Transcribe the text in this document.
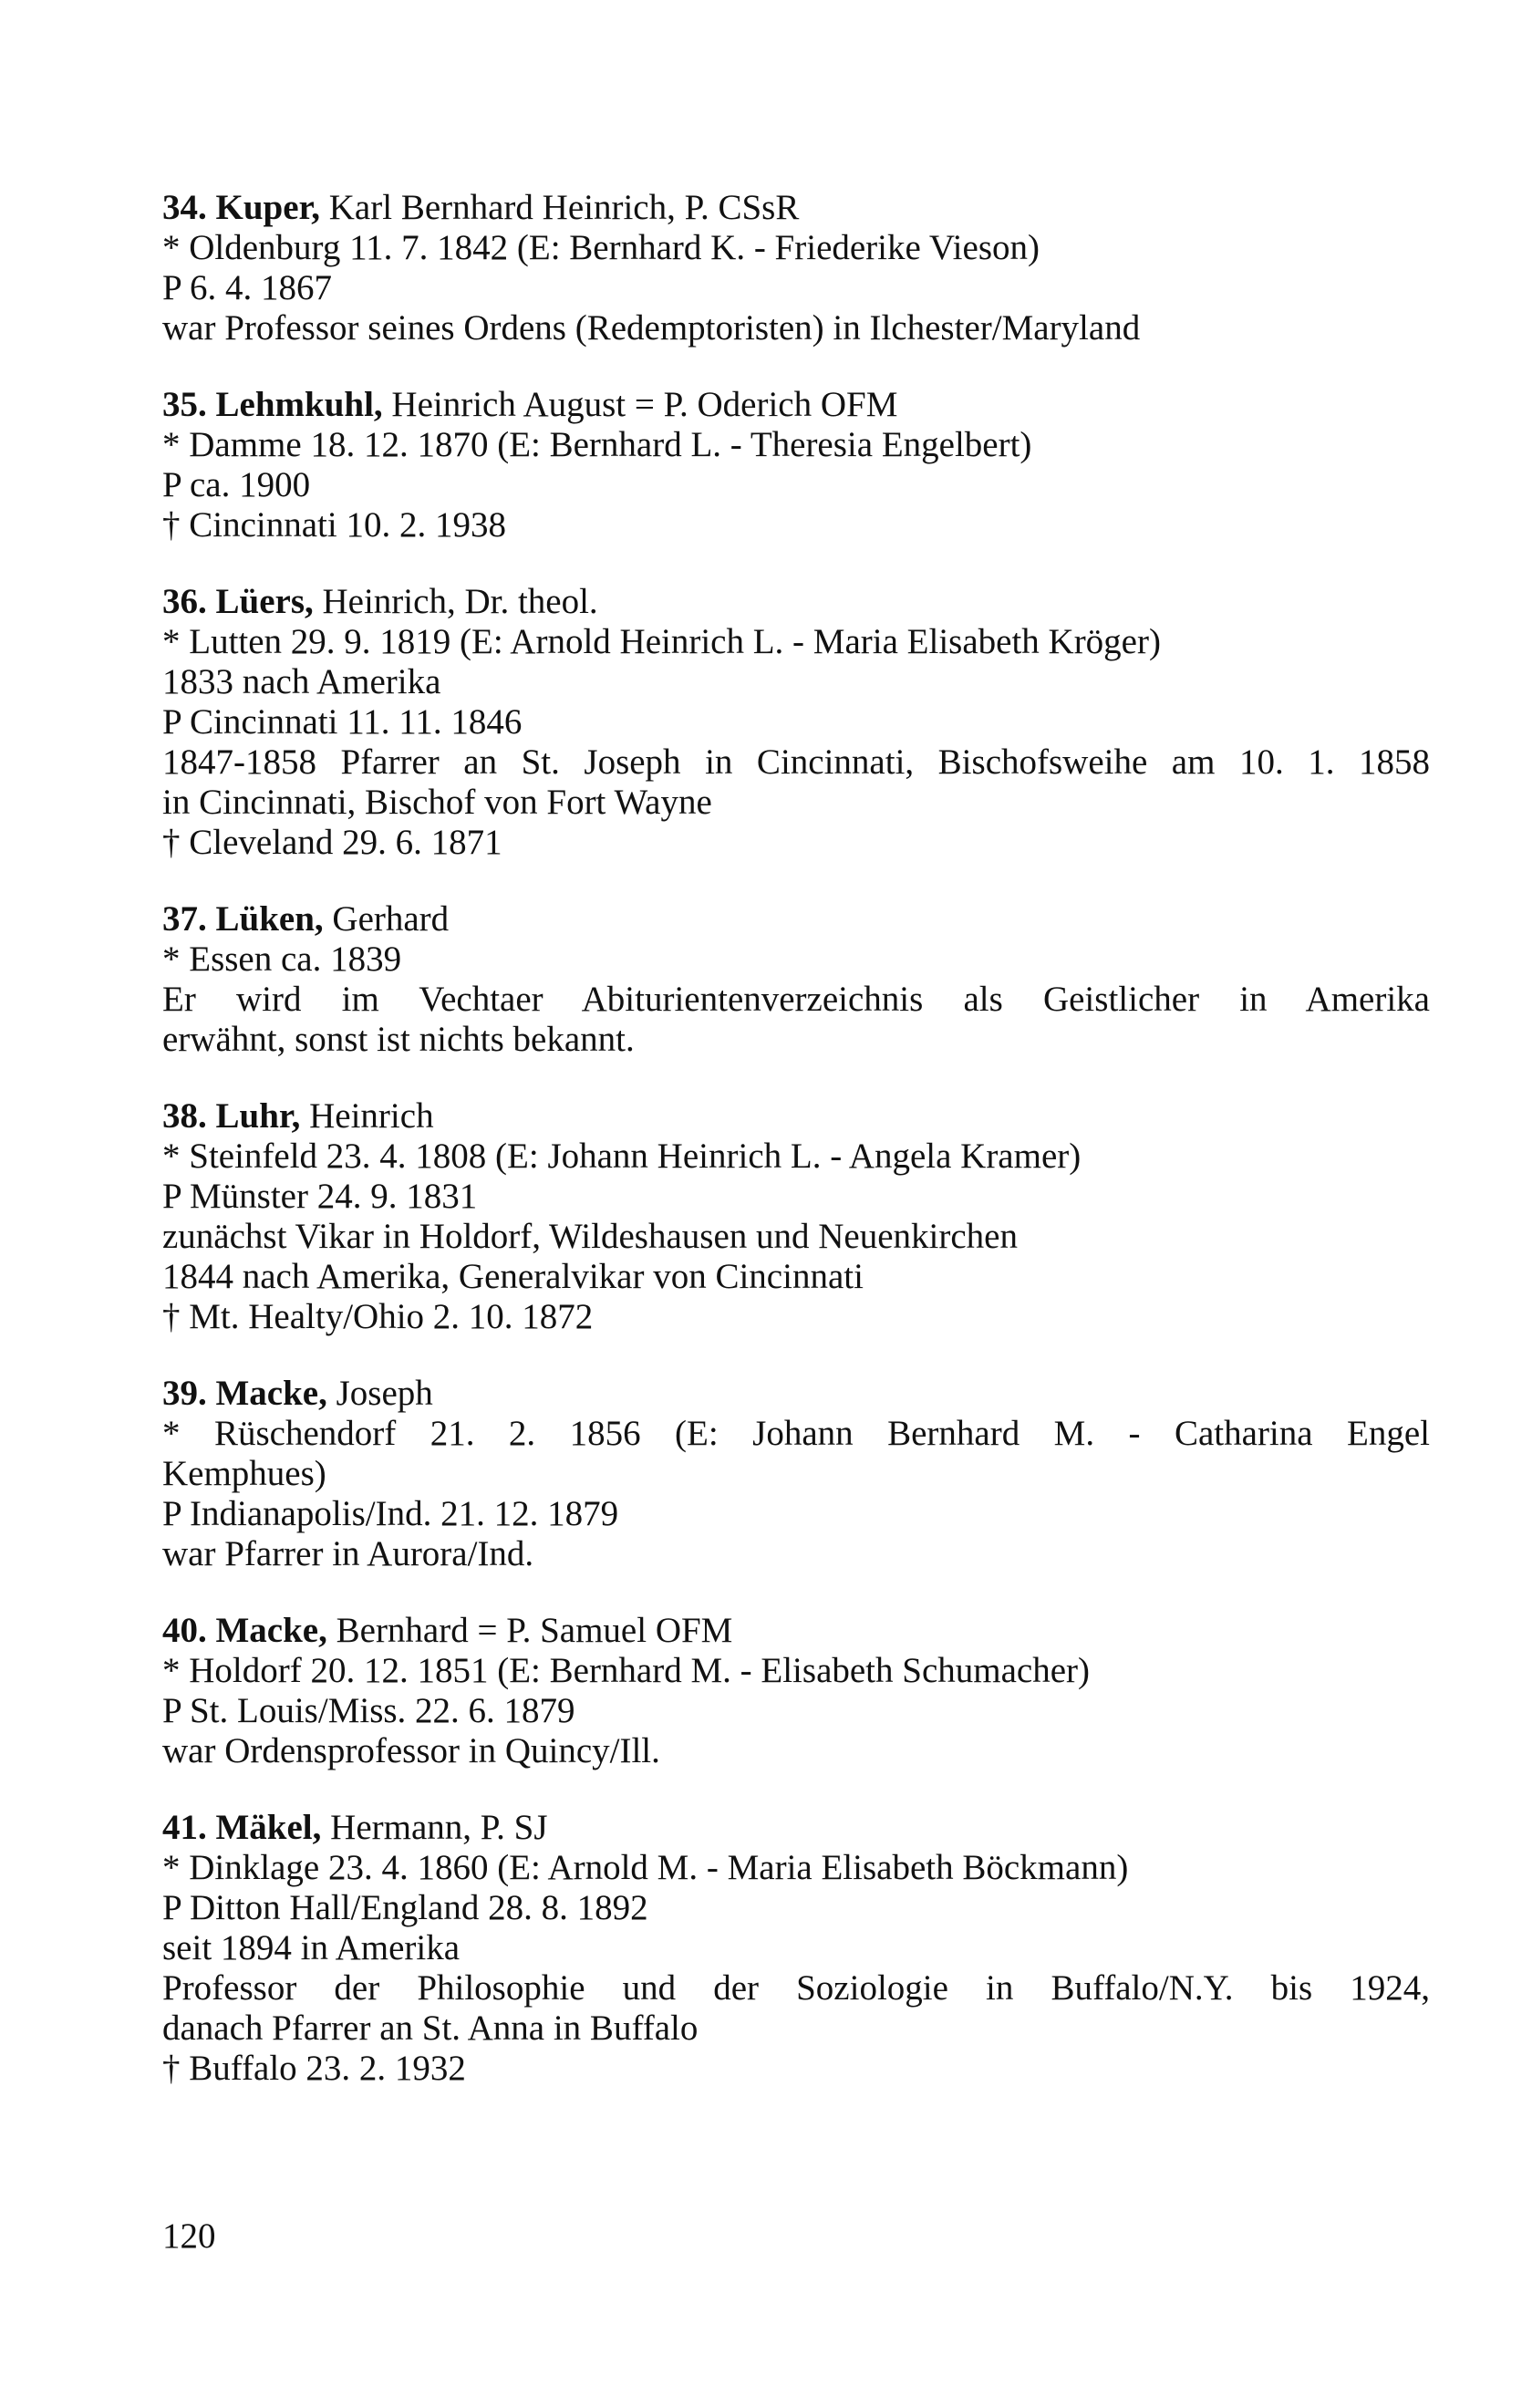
34. Kuper, Karl Bernhard Heinrich, P. CSsR
* Oldenburg 11. 7. 1842 (E: Bernhard K. - Friederike Vieson)
P 6. 4. 1867
war Professor seines Ordens (Redemptoristen) in Ilchester/Maryland
35. Lehmkuhl, Heinrich August = P. Oderich OFM
* Damme 18. 12. 1870 (E: Bernhard L. - Theresia Engelbert)
P ca. 1900
† Cincinnati 10. 2. 1938
36. Lüers, Heinrich, Dr. theol.
* Lutten 29. 9. 1819 (E: Arnold Heinrich L. - Maria Elisabeth Kröger)
1833 nach Amerika
P Cincinnati 11. 11. 1846
1847-1858 Pfarrer an St. Joseph in Cincinnati, Bischofsweihe am 10. 1. 1858
in Cincinnati, Bischof von Fort Wayne
† Cleveland 29. 6. 1871
37. Lüken, Gerhard
* Essen ca. 1839
Er wird im Vechtaer Abiturientenverzeichnis als Geistlicher in Amerika
erwähnt, sonst ist nichts bekannt.
38. Luhr, Heinrich
* Steinfeld 23. 4. 1808 (E: Johann Heinrich L. - Angela Kramer)
P Münster 24. 9. 1831
zunächst Vikar in Holdorf, Wildeshausen und Neuenkirchen
1844 nach Amerika, Generalvikar von Cincinnati
† Mt. Healty/Ohio 2. 10. 1872
39. Macke, Joseph
* Rüschendorf 21. 2. 1856 (E: Johann Bernhard M. - Catharina Engel
Kemphues)
P Indianapolis/Ind. 21. 12. 1879
war Pfarrer in Aurora/Ind.
40. Macke, Bernhard = P. Samuel OFM
* Holdorf 20. 12. 1851 (E: Bernhard M. - Elisabeth Schumacher)
P St. Louis/Miss. 22. 6. 1879
war Ordensprofessor in Quincy/Ill.
41. Mäkel, Hermann, P. SJ
* Dinklage 23. 4. 1860 (E: Arnold M. - Maria Elisabeth Böckmann)
P Ditton Hall/England 28. 8. 1892
seit 1894 in Amerika
Professor der Philosophie und der Soziologie in Buffalo/N.Y. bis 1924,
danach Pfarrer an St. Anna in Buffalo
† Buffalo 23. 2. 1932
120
